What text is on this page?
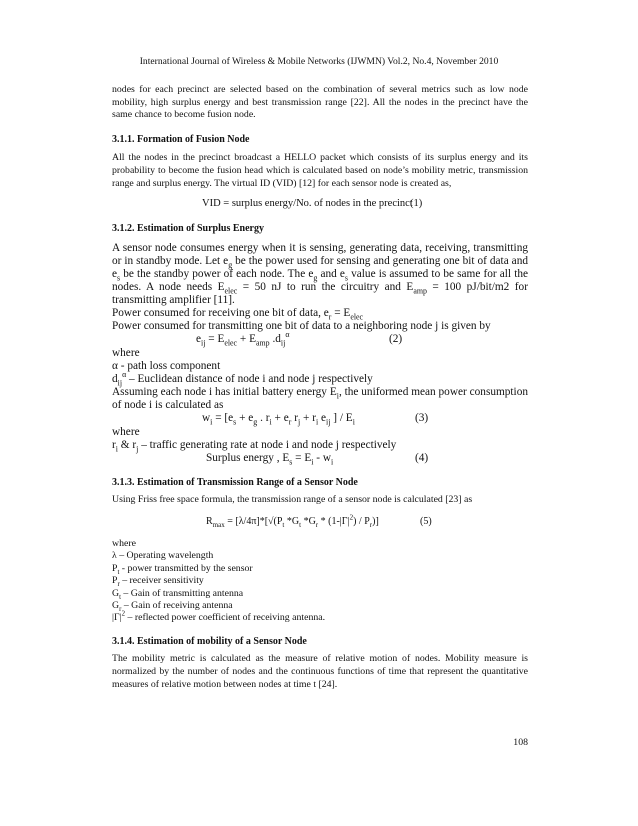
International Journal of Wireless & Mobile Networks (IJWMN) Vol.2, No.4, November 2010

nodes for each precinct are selected based on the combination of several metrics such as low node mobility, high surplus energy and best transmission range [22]. All the nodes in the precinct have the same chance to become fusion node.

3.1.1. Formation of Fusion Node

All the nodes in the precinct broadcast a HELLO packet which consists of its surplus energy and its probability to become the fusion head which is calculated based on node’s mobility metric, transmission range and surplus energy. The virtual ID (VID) [12] for each sensor node is created as,

VID = surplus energy/No. of nodes in the precinct
(1)

3.1.2. Estimation of Surplus Energy

A sensor node consumes energy when it is sensing, generating data, receiving, transmitting or in standby mode. Let $e_g$ be the power used for sensing and generating one bit of data and $e_s$ be the standby power of each node. The $e_g$ and $e_s$ value is assumed to be same for all the nodes. A node needs $E_{elec} = 50$ nJ to run the circuitry and $E_{amp} = 100$ pJ/bit/m2 for transmitting amplifier [11].

Power consumed for receiving one bit of data, $e_r = E_{elec}$

Power consumed for transmitting one bit of data to a neighboring node j is given by

$e_{ij} = E_{elec} + E_{amp}$ $.d_{ij}^\alpha$	(2)

where

α - path loss component

$d_{ij}^\alpha$ – Euclidean distance of node i and node j respectively

Assuming each node i has initial battery energy $E_i$, the uniformed mean power consumption of node i is calculated as

$w_i = [e_s + e_g$ . $r_i + e_r$ $r_j + r_i$ $e_{ij}$ ] / $E_i$	(3)

where

$r_i$ & $r_j$ – traffic generating rate at node i and node j respectively

Surplus energy , $E_s = E_i - w_i$	(4)

3.1.3. Estimation of Transmission Range of a Sensor Node

Using Friss free space formula, the transmission range of a sensor node is calculated [23] as

$R_{max} = [\lambda/4\pi]*[√(P_t$ $*G_t$ $*G_r * (1-|\Gamma|^2) / P_r$)]	(5)

where

λ – Operating wavelength

$P_t$ - power transmitted by the sensor

$P_r$ – receiver sensitivity

$G_t$ – Gain of transmitting antenna

$G_r$ – Gain of receiving antenna

$|\Gamma|^2$ – reflected power coefficient of receiving antenna.

3.1.4. Estimation of mobility of a Sensor Node

The mobility metric is calculated as the measure of relative motion of nodes. Mobility measure is normalized by the number of nodes and the continuous functions of time that represent the quantitative measures of relative motion between nodes at time t [24].

108
